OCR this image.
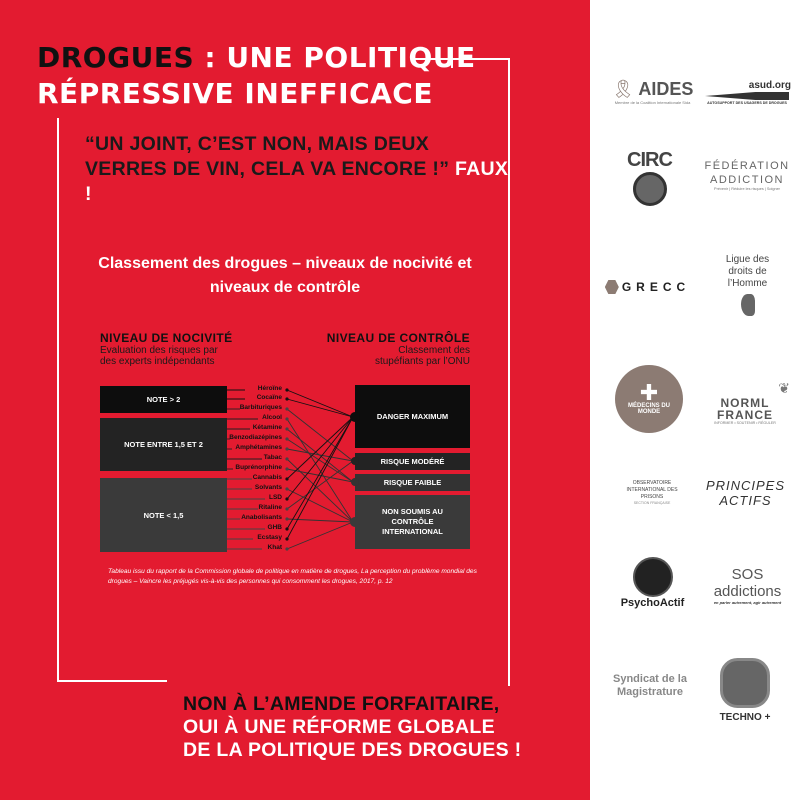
DROGUES : UNE POLITIQUE
RÉPRESSIVE INEFFICACE
“UN JOINT, C’EST NON, MAIS DEUX VERRES DE VIN, CELA VA ENCORE !” FAUX !
Classement des drogues – niveaux de nocivité et niveaux de contrôle
NIVEAU DE NOCIVITÉ
Evaluation des risques par des experts indépendants
NIVEAU DE CONTRÔLE
Classement des stupéfiants par l’ONU
NOTE > 2
NOTE ENTRE 1,5 ET 2
NOTE < 1,5
DANGER MAXIMUM
RISQUE MODÉRÉ
RISQUE FAIBLE
NON SOUMIS AU CONTRÔLE INTERNATIONAL
Héroïne
Cocaïne
Barbituriques
Alcool
Kétamine
Benzodiazépines
Amphétamines
Tabac
Buprénorphine
Cannabis
Solvants
LSD
Ritaline
Anabolisants
GHB
Ecstasy
Khat
Tableau issu du rapport de la Commission globale de politique en matière de drogues, La perception du problème mondial des drogues – Vaincre les préjugés vis-à-vis des personnes qui consomment les drogues, 2017, p. 12
NON À L’AMENDE FORFAITAIRE,
OUI À UNE RÉFORME GLOBALE
DE LA POLITIQUE DES DROGUES !
🎗︎ AIDES
Membre de la Coalition Internationale Sida
asud.org
AUTOSUPPORT DES USAGERS DE DROGUES
CIRC	FÉDÉRATION ADDICTION
Prévenir | Réduire les risques | Soigner
GRECC
Ligue des droits de l’Homme
✚
MÉDECINS DU MONDE
❦
NORML FRANCE
INFORMER • SOUTENIR • RÉGULER
OBSERVATOIRE INTERNATIONAL DES PRISONS
SECTION FRANÇAISE
PRINCIPES ACTIFS
PsychoActif
SOS addictions
en parler autrement, agir autrement
Syndicat de la Magistrature
TECHNO +
